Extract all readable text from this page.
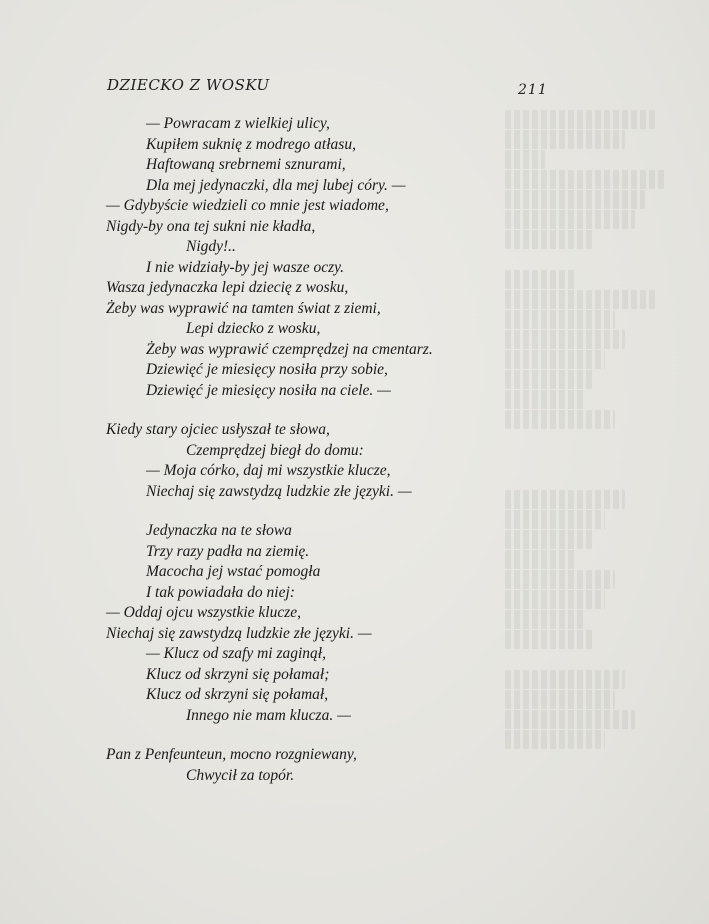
DZIECKO Z WOSKU	211
— Powracam z wielkiej ulicy,
Kupiłem suknię z modrego atłasu,
Haftowaną srebrnemi sznurami,
Dla mej jedynaczki, dla mej lubej córy. —
— Gdybyście wiedzieli co mnie jest wiadome,
Nigdy-by ona tej sukni nie kładła,
Nigdy!..
I nie widziały-by jej wasze oczy.
Wasza jedynaczka lepi dziecię z wosku,
Żeby was wyprawić na tamten świat z ziemi,
Lepi dziecko z wosku,
Żeby was wyprawić czemprędzej na cmentarz.
Dziewięć je miesięcy nosiła przy sobie,
Dziewięć je miesięcy nosiła na ciele. —
Kiedy stary ojciec usłyszał te słowa,
Czemprędzej biegł do domu:
— Moja córko, daj mi wszystkie klucze,
Niechaj się zawstydzą ludzkie złe języki. —
Jedynaczka na te słowa
Trzy razy padła na ziemię.
Macocha jej wstać pomogła
I tak powiadała do niej:
— Oddaj ojcu wszystkie klucze,
Niechaj się zawstydzą ludzkie złe języki. —
— Klucz od szafy mi zaginął,
Klucz od skrzyni się połamał;
Klucz od skrzyni się połamał,
Innego nie mam klucza. —
Pan z Penfeunteun, mocno rozgniewany,
Chwycił za topór.
